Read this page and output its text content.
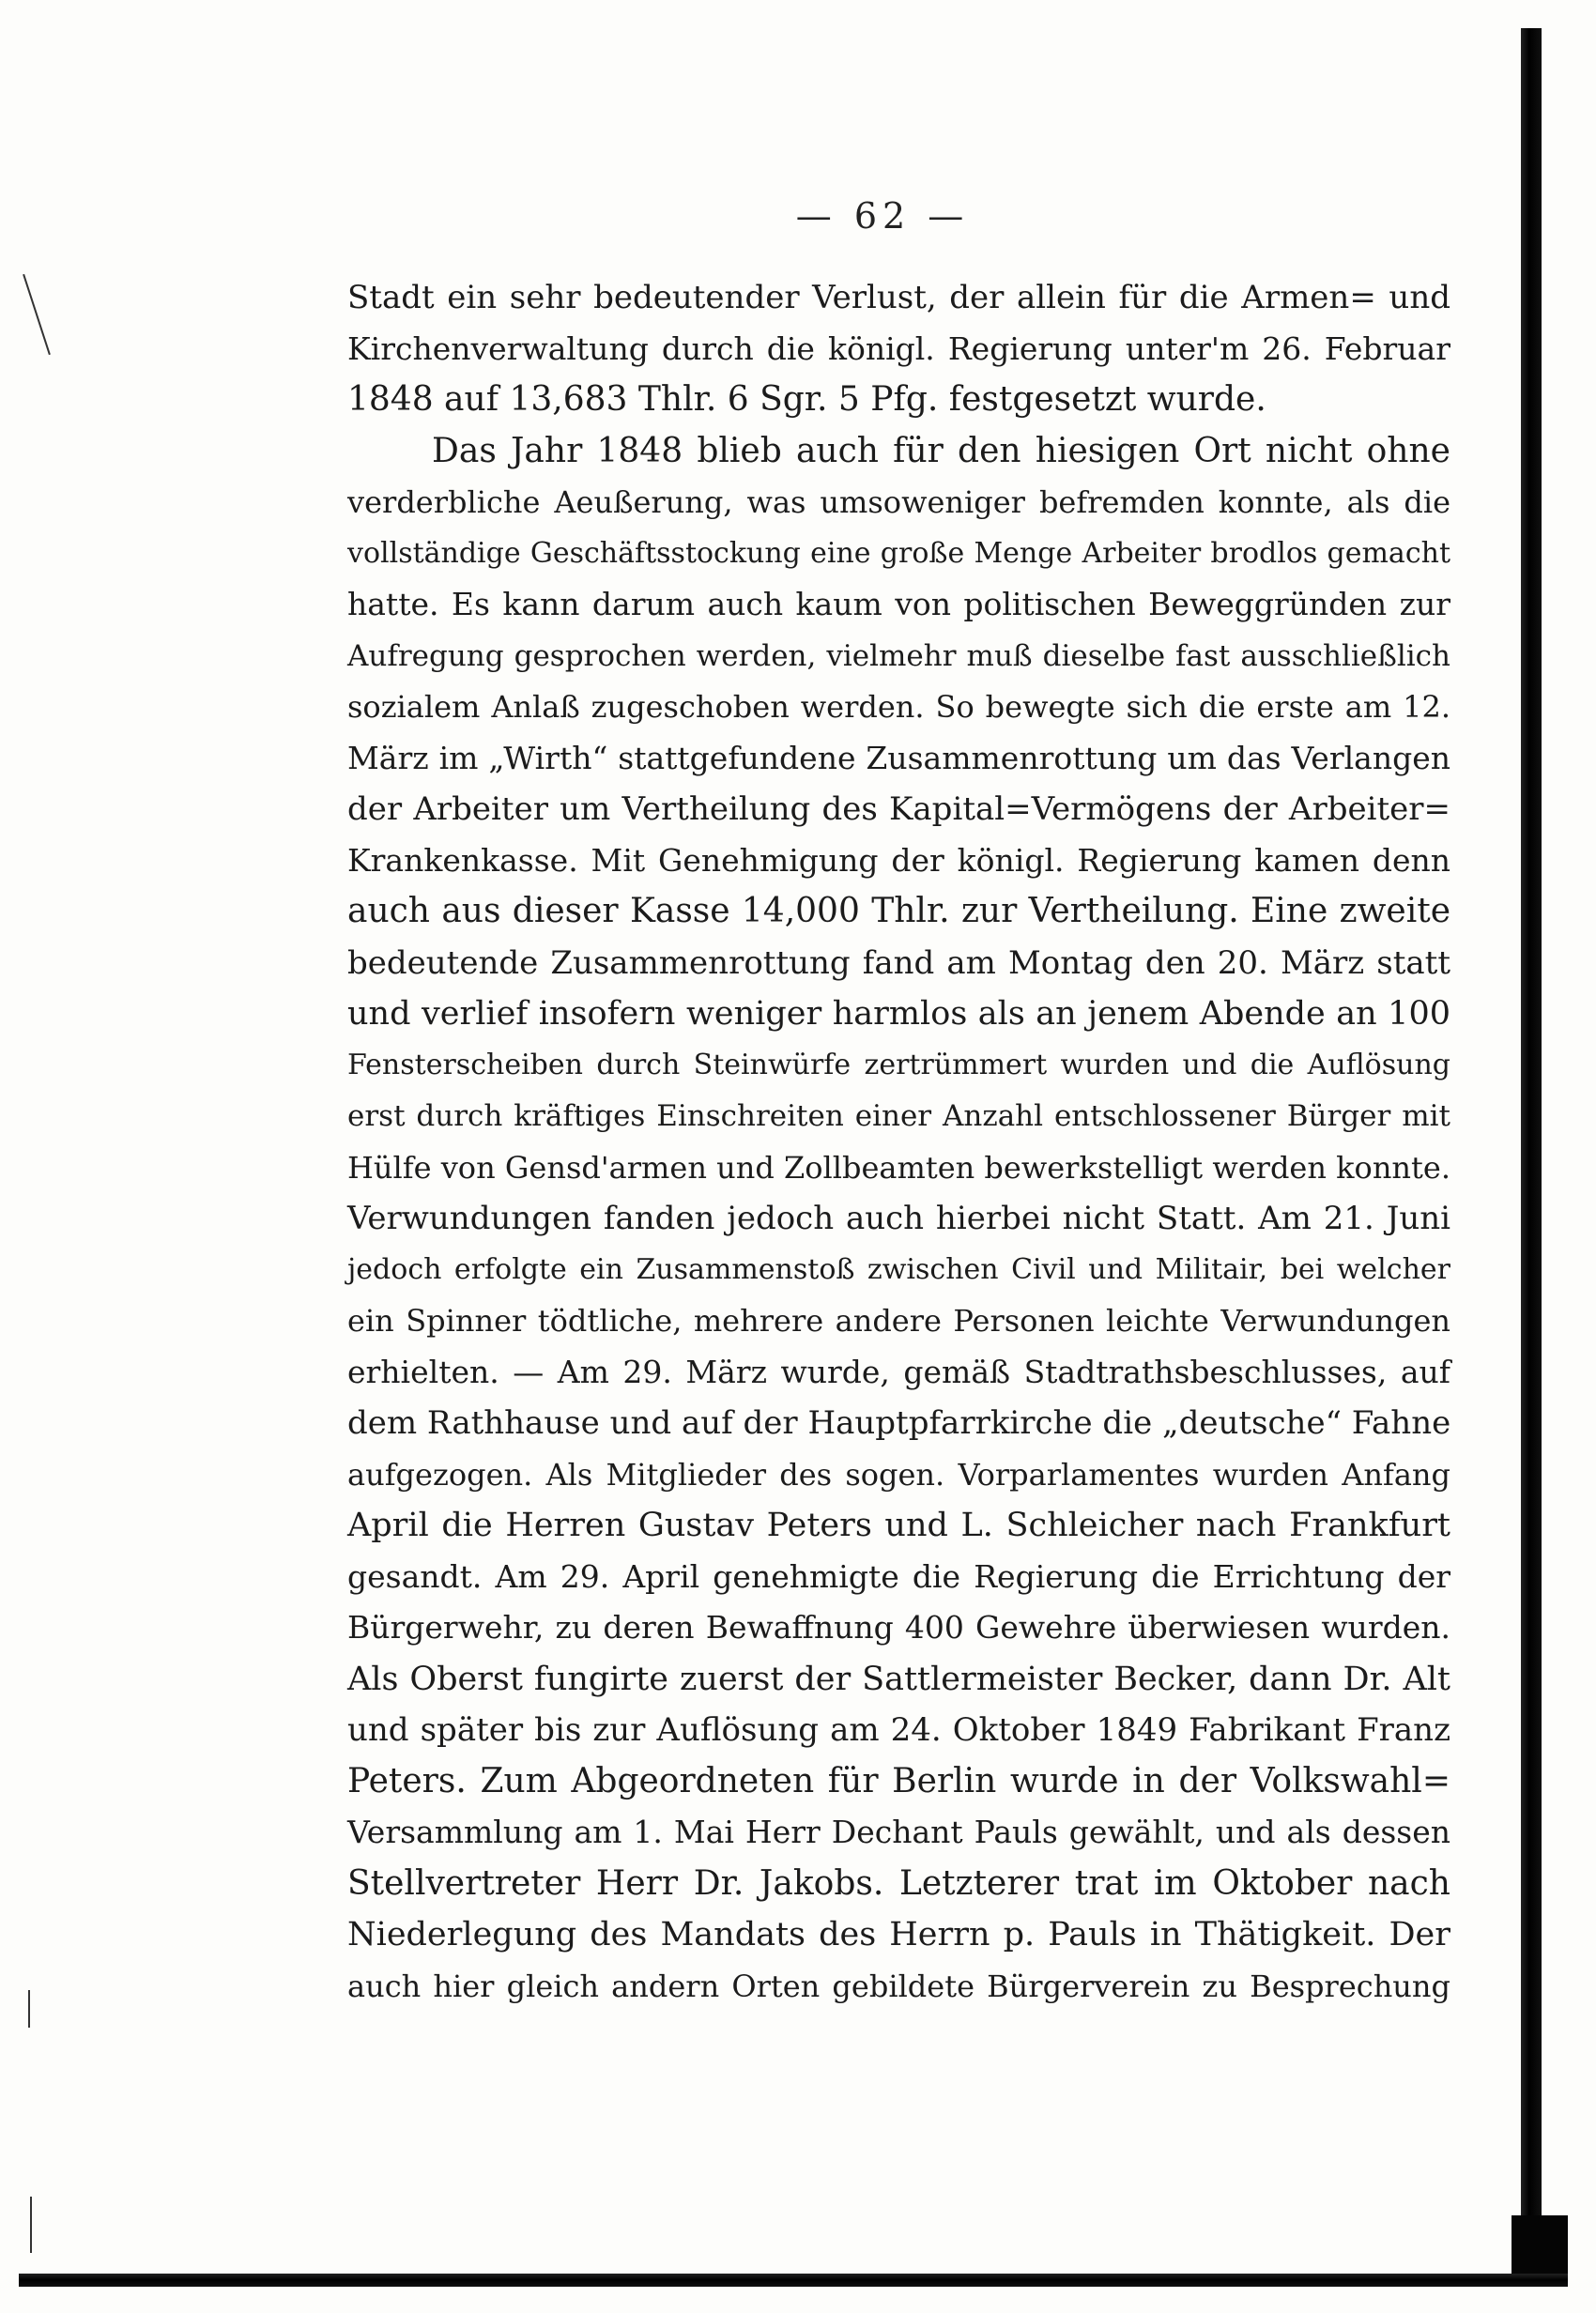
— 62 —
Stadt ein sehr bedeutender Verlust, der allein für die Armen= und
Kirchenverwaltung durch die königl. Regierung unter'm 26. Februar
1848 auf 13,683 Thlr. 6 Sgr. 5 Pfg. festgesetzt wurde.
Das Jahr 1848 blieb auch für den hiesigen Ort nicht ohne
verderbliche Aeußerung, was umsoweniger befremden konnte, als die
vollständige Geschäftsstockung eine große Menge Arbeiter brodlos gemacht
hatte. Es kann darum auch kaum von politischen Beweggründen zur
Aufregung gesprochen werden, vielmehr muß dieselbe fast ausschließlich
sozialem Anlaß zugeschoben werden. So bewegte sich die erste am 12.
März im „Wirth“ stattgefundene Zusammenrottung um das Verlangen
der Arbeiter um Vertheilung des Kapital=Vermögens der Arbeiter=
Krankenkasse. Mit Genehmigung der königl. Regierung kamen denn
auch aus dieser Kasse 14,000 Thlr. zur Vertheilung. Eine zweite
bedeutende Zusammenrottung fand am Montag den 20. März statt
und verlief insofern weniger harmlos als an jenem Abende an 100
Fensterscheiben durch Steinwürfe zertrümmert wurden und die Auflösung
erst durch kräftiges Einschreiten einer Anzahl entschlossener Bürger mit
Hülfe von Gensd'armen und Zollbeamten bewerkstelligt werden konnte.
Verwundungen fanden jedoch auch hierbei nicht Statt. Am 21. Juni
jedoch erfolgte ein Zusammenstoß zwischen Civil und Militair, bei welcher
ein Spinner tödtliche, mehrere andere Personen leichte Verwundungen
erhielten. — Am 29. März wurde, gemäß Stadtrathsbeschlusses, auf
dem Rathhause und auf der Hauptpfarrkirche die „deutsche“ Fahne
aufgezogen. Als Mitglieder des sogen. Vorparlamentes wurden Anfang
April die Herren Gustav Peters und L. Schleicher nach Frankfurt
gesandt. Am 29. April genehmigte die Regierung die Errichtung der
Bürgerwehr, zu deren Bewaffnung 400 Gewehre überwiesen wurden.
Als Oberst fungirte zuerst der Sattlermeister Becker, dann Dr. Alt
und später bis zur Auflösung am 24. Oktober 1849 Fabrikant Franz
Peters. Zum Abgeordneten für Berlin wurde in der Volkswahl=
Versammlung am 1. Mai Herr Dechant Pauls gewählt, und als dessen
Stellvertreter Herr Dr. Jakobs. Letzterer trat im Oktober nach
Niederlegung des Mandats des Herrn p. Pauls in Thätigkeit. Der
auch hier gleich andern Orten gebildete Bürgerverein zu Besprechung
